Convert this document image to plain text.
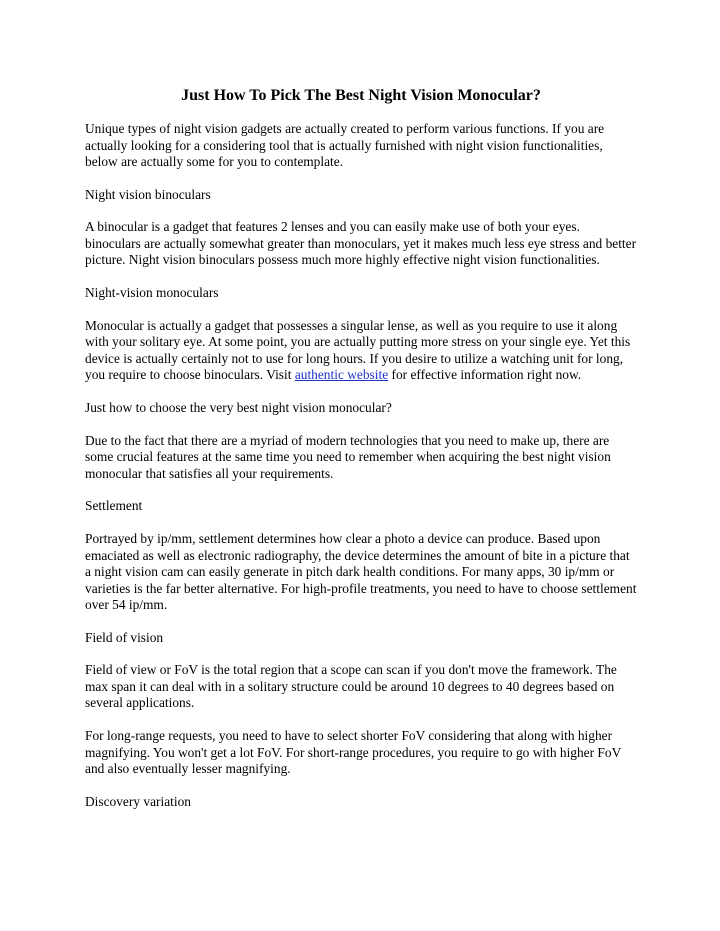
Just How To Pick The Best Night Vision Monocular?

Unique types of night vision gadgets are actually created to perform various functions. If you are actually looking for a considering tool that is actually furnished with night vision functionalities, below are actually some for you to contemplate.

Night vision binoculars

A binocular is a gadget that features 2 lenses and you can easily make use of both your eyes. binoculars are actually somewhat greater than monoculars, yet it makes much less eye stress and better picture. Night vision binoculars possess much more highly effective night vision functionalities.

Night-vision monoculars

Monocular is actually a gadget that possesses a singular lense, as well as you require to use it along with your solitary eye. At some point, you are actually putting more stress on your single eye. Yet this device is actually certainly not to use for long hours. If you desire to utilize a watching unit for long, you require to choose binoculars. Visit authentic website for effective information right now.

Just how to choose the very best night vision monocular?

Due to the fact that there are a myriad of modern technologies that you need to make up, there are some crucial features at the same time you need to remember when acquiring the best night vision monocular that satisfies all your requirements.

Settlement

Portrayed by ip/mm, settlement determines how clear a photo a device can produce. Based upon emaciated as well as electronic radiography, the device determines the amount of bite in a picture that a night vision cam can easily generate in pitch dark health conditions. For many apps, 30 ip/mm or varieties is the far better alternative. For high-profile treatments, you need to have to choose settlement over 54 ip/mm.

Field of vision

Field of view or FoV is the total region that a scope can scan if you don't move the framework. The max span it can deal with in a solitary structure could be around 10 degrees to 40 degrees based on several applications.

For long-range requests, you need to have to select shorter FoV considering that along with higher magnifying. You won't get a lot FoV. For short-range procedures, you require to go with higher FoV and also eventually lesser magnifying.

Discovery variation
